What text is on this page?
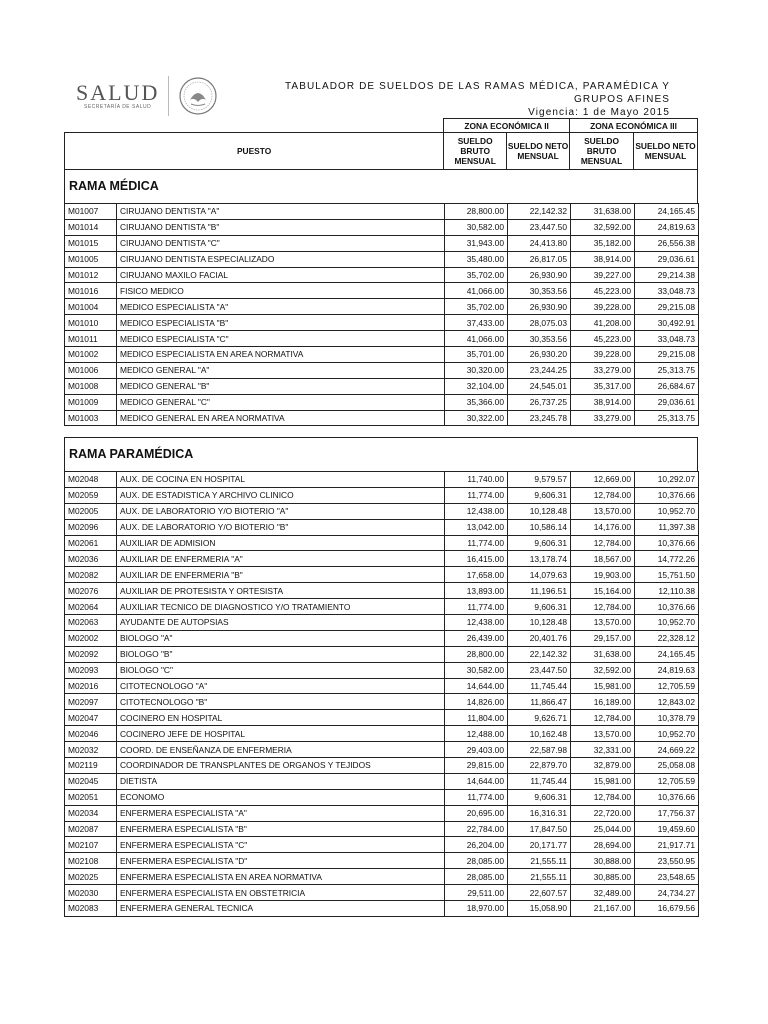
SALUD
SECRETARÍA DE SALUD
TABULADOR DE SUELDOS DE LAS RAMAS MÉDICA, PARAMÉDICA Y GRUPOS AFINES
Vigencia: 1 de Mayo 2015
	ZONA ECONÓMICA II		ZONA ECONÓMICA III	
PUESTO	SUELDO BRUTO MENSUAL	SUELDO NETO MENSUAL	SUELDO BRUTO MENSUAL	SUELDO NETO MENSUAL
RAMA MÉDICA
M01007	CIRUJANO DENTISTA "A"	28,800.00	22,142.32	31,638.00	24,165.45
M01014	CIRUJANO DENTISTA "B"	30,582.00	23,447.50	32,592.00	24,819.63
M01015	CIRUJANO DENTISTA "C"	31,943.00	24,413.80	35,182.00	26,556.38
M01005	CIRUJANO DENTISTA ESPECIALIZADO	35,480.00	26,817.05	38,914.00	29,036.61
M01012	CIRUJANO MAXILO FACIAL	35,702.00	26,930.90	39,227.00	29,214.38
M01016	FISICO MEDICO	41,066.00	30,353.56	45,223.00	33,048.73
M01004	MEDICO ESPECIALISTA "A"	35,702.00	26,930.90	39,228.00	29,215.08
M01010	MEDICO ESPECIALISTA "B"	37,433.00	28,075.03	41,208.00	30,492.91
M01011	MEDICO ESPECIALISTA "C"	41,066.00	30,353.56	45,223.00	33,048.73
M01002	MEDICO ESPECIALISTA EN AREA NORMATIVA	35,701.00	26,930.20	39,228.00	29,215.08
M01006	MEDICO GENERAL "A"	30,320.00	23,244.25	33,279.00	25,313.75
M01008	MEDICO GENERAL "B"	32,104.00	24,545.01	35,317.00	26,684.67
M01009	MEDICO GENERAL "C"	35,366.00	26,737.25	38,914.00	29,036.61
M01003	MEDICO GENERAL EN AREA NORMATIVA	30,322.00	23,245.78	33,279.00	25,313.75
RAMA PARAMÉDICA
M02048	AUX. DE COCINA EN HOSPITAL	11,740.00	9,579.57	12,669.00	10,292.07
M02059	AUX. DE ESTADISTICA Y ARCHIVO CLINICO	11,774.00	9,606.31	12,784.00	10,376.66
M02005	AUX. DE LABORATORIO Y/O BIOTERIO "A"	12,438.00	10,128.48	13,570.00	10,952.70
M02096	AUX. DE LABORATORIO Y/O BIOTERIO "B"	13,042.00	10,586.14	14,176.00	11,397.38
M02061	AUXILIAR DE ADMISION	11,774.00	9,606.31	12,784.00	10,376.66
M02036	AUXILIAR DE ENFERMERIA "A"	16,415.00	13,178.74	18,567.00	14,772.26
M02082	AUXILIAR DE ENFERMERIA "B"	17,658.00	14,079.63	19,903.00	15,751.50
M02076	AUXILIAR DE PROTESISTA Y ORTESISTA	13,893.00	11,196.51	15,164.00	12,110.38
M02064	AUXILIAR TECNICO DE DIAGNOSTICO Y/O TRATAMIENTO	11,774.00	9,606.31	12,784.00	10,376.66
M02063	AYUDANTE DE AUTOPSIAS	12,438.00	10,128.48	13,570.00	10,952.70
M02002	BIOLOGO "A"	26,439.00	20,401.76	29,157.00	22,328.12
M02092	BIOLOGO "B"	28,800.00	22,142.32	31,638.00	24,165.45
M02093	BIOLOGO "C"	30,582.00	23,447.50	32,592.00	24,819.63
M02016	CITOTECNOLOGO "A"	14,644.00	11,745.44	15,981.00	12,705.59
M02097	CITOTECNOLOGO "B"	14,826.00	11,866.47	16,189.00	12,843.02
M02047	COCINERO EN HOSPITAL	11,804.00	9,626.71	12,784.00	10,378.79
M02046	COCINERO JEFE DE HOSPITAL	12,488.00	10,162.48	13,570.00	10,952.70
M02032	COORD. DE ENSEÑANZA DE ENFERMERIA	29,403.00	22,587.98	32,331.00	24,669.22
M02119	COORDINADOR DE TRANSPLANTES DE ORGANOS Y TEJIDOS	29,815.00	22,879.70	32,879.00	25,058.08
M02045	DIETISTA	14,644.00	11,745.44	15,981.00	12,705.59
M02051	ECONOMO	11,774.00	9,606.31	12,784.00	10,376.66
M02034	ENFERMERA ESPECIALISTA "A"	20,695.00	16,316.31	22,720.00	17,756.37
M02087	ENFERMERA ESPECIALISTA "B"	22,784.00	17,847.50	25,044.00	19,459.60
M02107	ENFERMERA ESPECIALISTA "C"	26,204.00	20,171.77	28,694.00	21,917.71
M02108	ENFERMERA ESPECIALISTA "D"	28,085.00	21,555.11	30,888.00	23,550.95
M02025	ENFERMERA ESPECIALISTA EN AREA NORMATIVA	28,085.00	21,555.11	30,885.00	23,548.65
M02030	ENFERMERA ESPECIALISTA EN OBSTETRICIA	29,511.00	22,607.57	32,489.00	24,734.27
M02083	ENFERMERA GENERAL TECNICA	18,970.00	15,058.90	21,167.00	16,679.56
